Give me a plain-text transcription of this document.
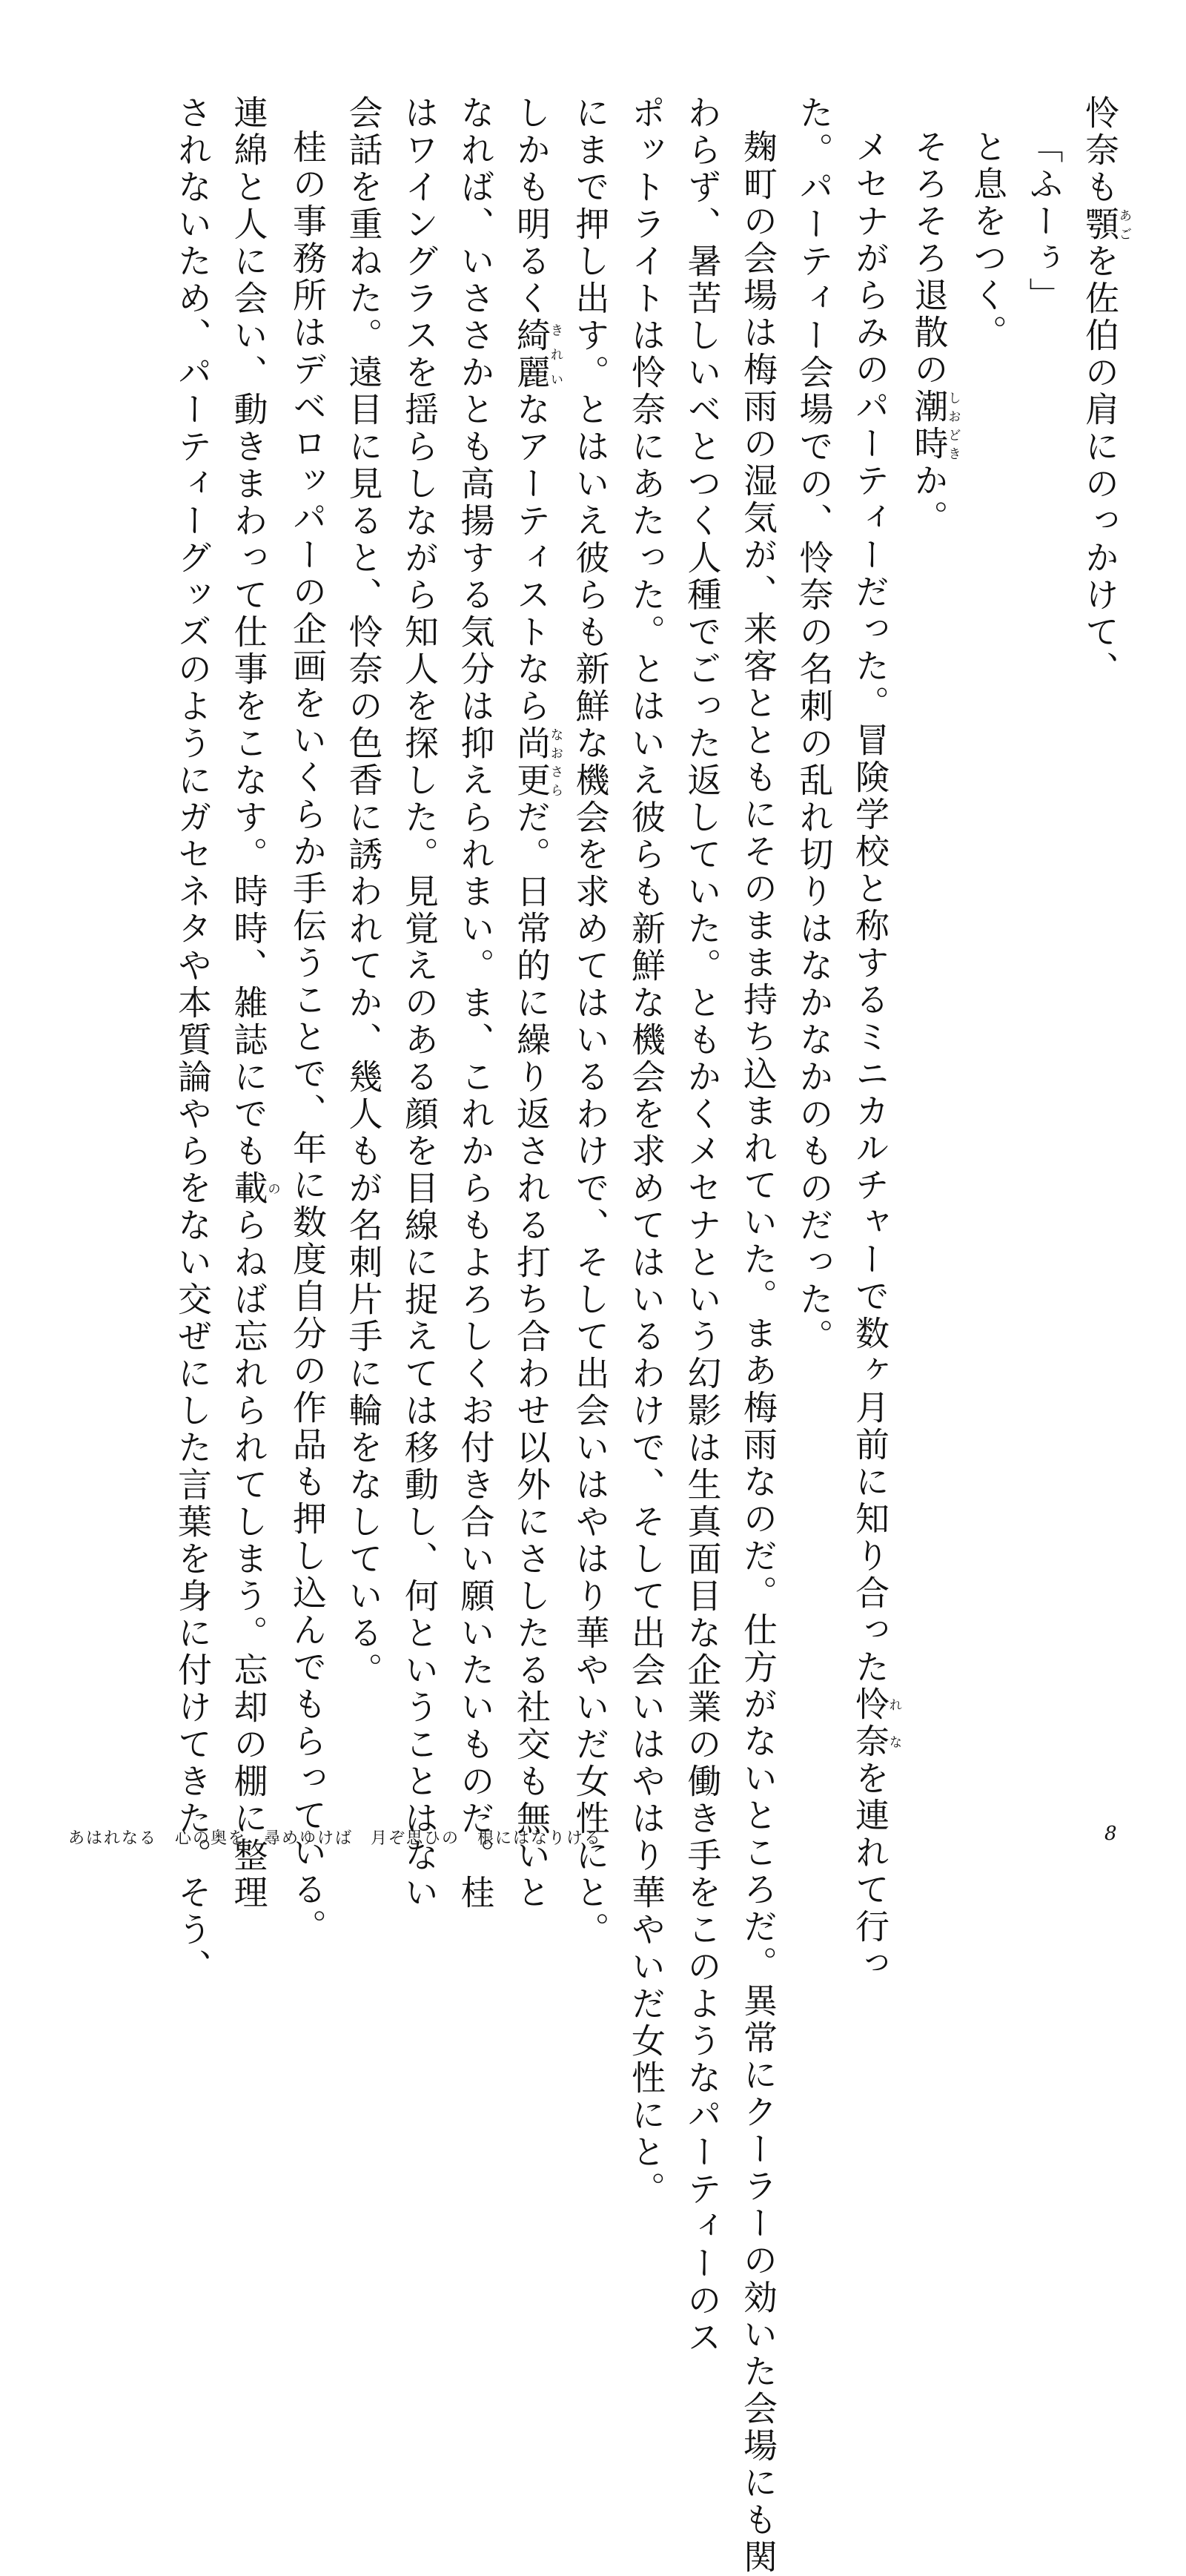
怜奈も顎あごを佐伯の肩にのっかけて、

「ふーぅ」

と息をつく。

そろそろ退散の潮時しおどきか。

メセナがらみのパーティーだった。冒険学校と称するミニカルチャーで数ヶ月前に知り合った怜奈れなを連れて行っ

た。パーティー会場での、怜奈の名刺の乱れ切りはなかなかのものだった。

麹町の会場は梅雨の湿気が、来客とともにそのまま持ち込まれていた。まあ梅雨なのだ。仕方がないところだ。異常にクーラーの効いた会場にも関

わらず、暑苦しいベとつく人種でごった返していた。ともかくメセナという幻影は生真面目な企業の働き手をこのようなパーティーのス

ポットライトは怜奈にあたった。とはいえ彼らも新鮮な機会を求めてはいるわけで、そして出会いはやはり華やいだ女性にと。

にまで押し出す。とはいえ彼らも新鮮な機会を求めてはいるわけで、そして出会いはやはり華やいだ女性にと。

しかも明るく綺麗きれいなアーティストなら尚更なおさらだ。日常的に繰り返される打ち合わせ以外にさしたる社交も無いと

なれば、いささかとも高揚する気分は抑えられまい。ま、これからもよろしくお付き合い願いたいものだ。桂

はワイングラスを揺らしながら知人を探した。見覚えのある顔を目線に捉えては移動し、何ということはない

会話を重ねた。遠目に見ると、怜奈の色香に誘われてか、幾人もが名刺片手に輪をなしている。

桂の事務所はデベロッパーの企画をいくらか手伝うことで、年に数度自分の作品も押し込んでもらっている。

連綿と人に会い、動きまわって仕事をこなす。時時、雑誌にでも載のらねば忘れられてしまう。忘却の棚に整理

されないため、パーティーグッズのようにガセネタや本質論やらをない交ぜにした言葉を身に付けてきた。そう、

あはれなる　心の奥を　尋めゆけば　月ぞ思ひの　根にはなりける	8
